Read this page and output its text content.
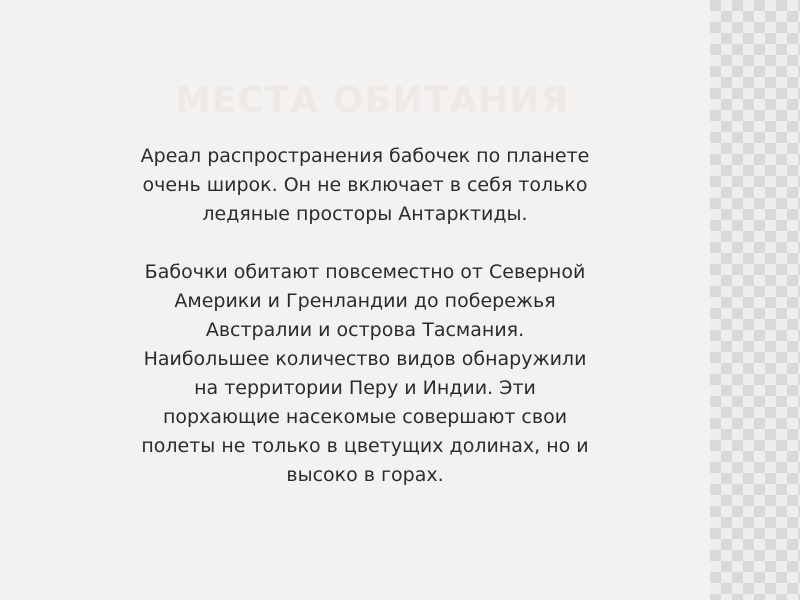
МЕСТА ОБИТАНИЯ

Ареал распространения бабочек по планете
очень широк. Он не включает в себя только
ледяные просторы Антарктиды.

Бабочки обитают повсеместно от Северной
Америки и Гренландии до побережья
Австралии и острова Тасмания.
Наибольшее количество видов обнаружили
на территории Перу и Индии. Эти
порхающие насекомые совершают свои
полеты не только в цветущих долинах, но и
высоко в горах.
